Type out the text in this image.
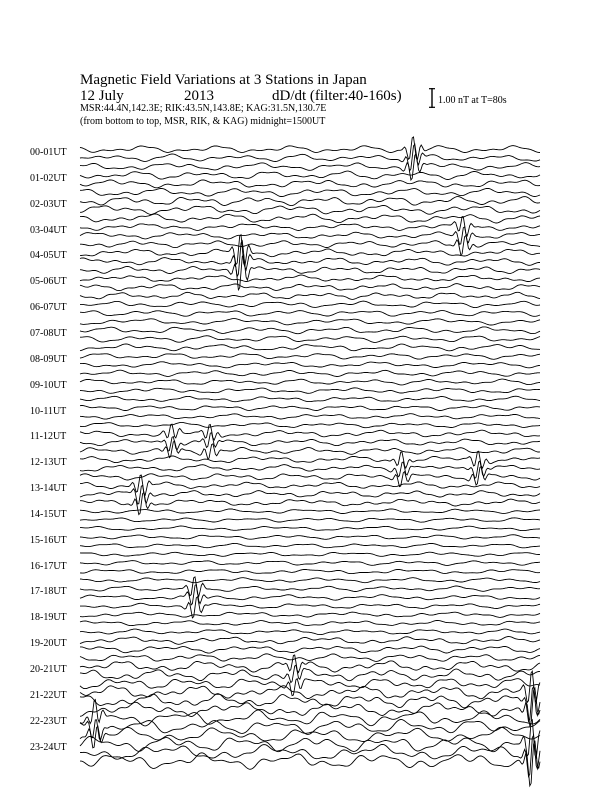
Magnetic Field Variations at 3 Stations in Japan
12 July	2013	dD/dt (filter:40-160s)
MSR:44.4N,142.3E; RIK:43.5N,143.8E; KAG:31.5N,130.7E
(from bottom to top, MSR, RIK, & KAG) midnight=1500UT
1.00 nT at T=80s
00-01UT
01-02UT
02-03UT
03-04UT
04-05UT
05-06UT
06-07UT
07-08UT
08-09UT
09-10UT
10-11UT
11-12UT
12-13UT
13-14UT
14-15UT
15-16UT
16-17UT
17-18UT
18-19UT
19-20UT
20-21UT
21-22UT
22-23UT
23-24UT
